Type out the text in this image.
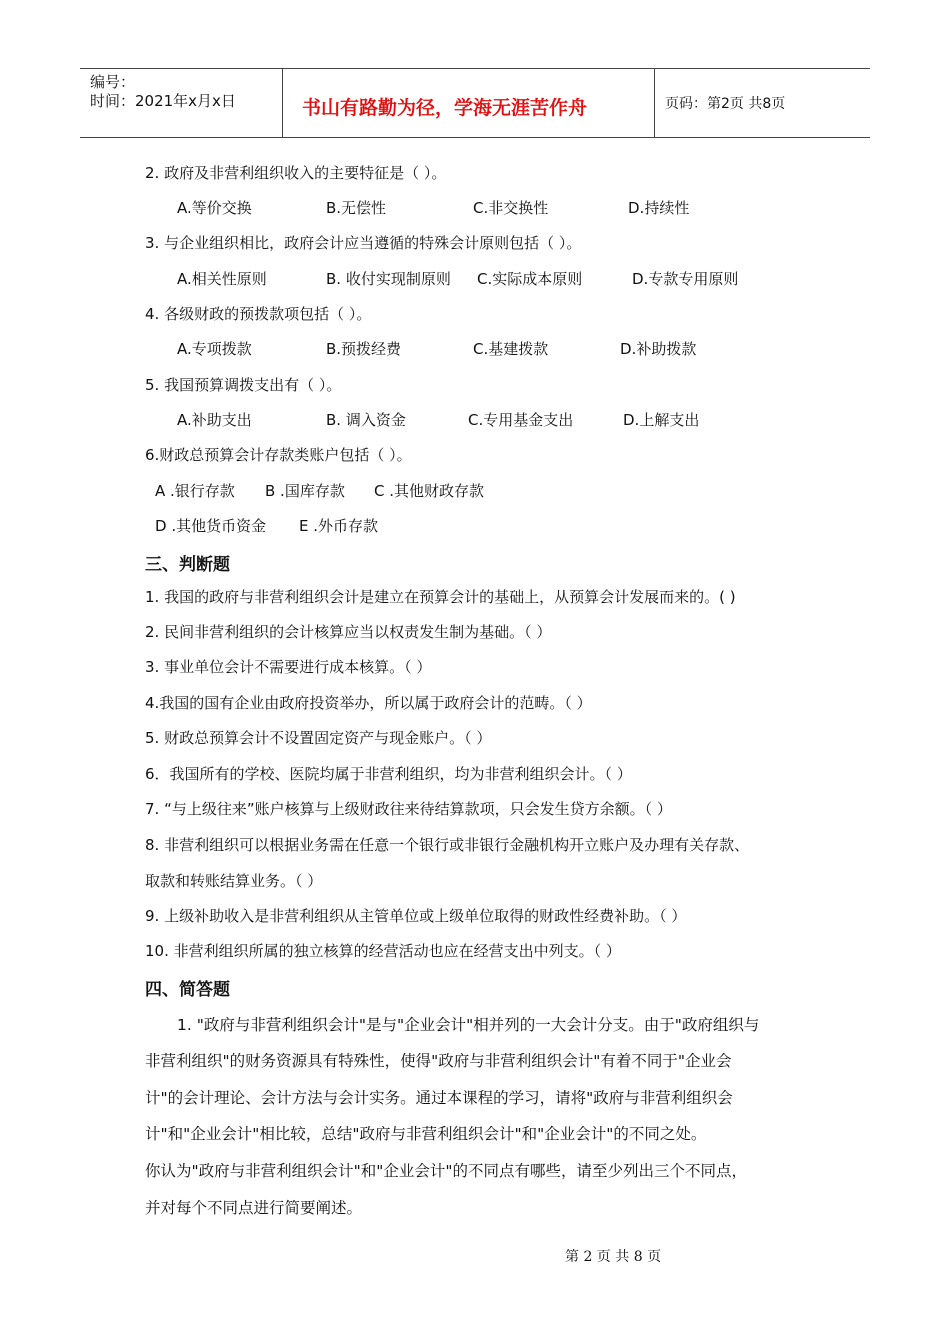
编号：
时间：2021年x月x日	书山有路勤为径，学海无涯苦作舟	页码：第2页 共8页
2. 政府及非营利组织收入的主要特征是（ ）。
A.等价交换	B.无偿性	C.非交换性	D.持续性
3. 与企业组织相比，政府会计应当遵循的特殊会计原则包括（ ）。
A.相关性原则	B. 收付实现制原则 C.实际成本原则	D.专款专用原则
4. 各级财政的预拨款项包括（ ）。
A.专项拨款	B.预拨经费	C.基建拨款	D.补助拨款
5. 我国预算调拨支出有（ ）。
A.补助支出	B. 调入资金	C.专用基金支出	D.上解支出
6.财政总预算会计存款类账户包括（ ）。
A .银行存款 B .国库存款 C .其他财政存款
D .其他货币资金 E .外币存款
三、判断题
1. 我国的政府与非营利组织会计是建立在预算会计的基础上，从预算会计发展而来的。( )
2. 民间非营利组织的会计核算应当以权责发生制为基础。（ ）
3. 事业单位会计不需要进行成本核算。（ ）
4.我国的国有企业由政府投资举办，所以属于政府会计的范畴。（ ）
5. 财政总预算会计不设置固定资产与现金账户。（ ）
6．我国所有的学校、医院均属于非营利组织，均为非营利组织会计。（ ）
7. “与上级往来”账户核算与上级财政往来待结算款项，只会发生贷方余额。（ ）
8. 非营利组织可以根据业务需在任意一个银行或非银行金融机构开立账户及办理有关存款、
取款和转账结算业务。（ ）
9. 上级补助收入是非营利组织从主管单位或上级单位取得的财政性经费补助。（ ）
10. 非营利组织所属的独立核算的经营活动也应在经营支出中列支。（ ）
四、简答题
1. "政府与非营利组织会计"是与"企业会计"相并列的一大会计分支。由于"政府组织与
非营利组织"的财务资源具有特殊性，使得"政府与非营利组织会计"有着不同于"企业会
计"的会计理论、会计方法与会计实务。通过本课程的学习，请将"政府与非营利组织会
计"和"企业会计"相比较，总结"政府与非营利组织会计"和"企业会计"的不同之处。
你认为"政府与非营利组织会计"和"企业会计"的不同点有哪些，请至少列出三个不同点，
并对每个不同点进行简要阐述。
第 2 页 共 8 页
